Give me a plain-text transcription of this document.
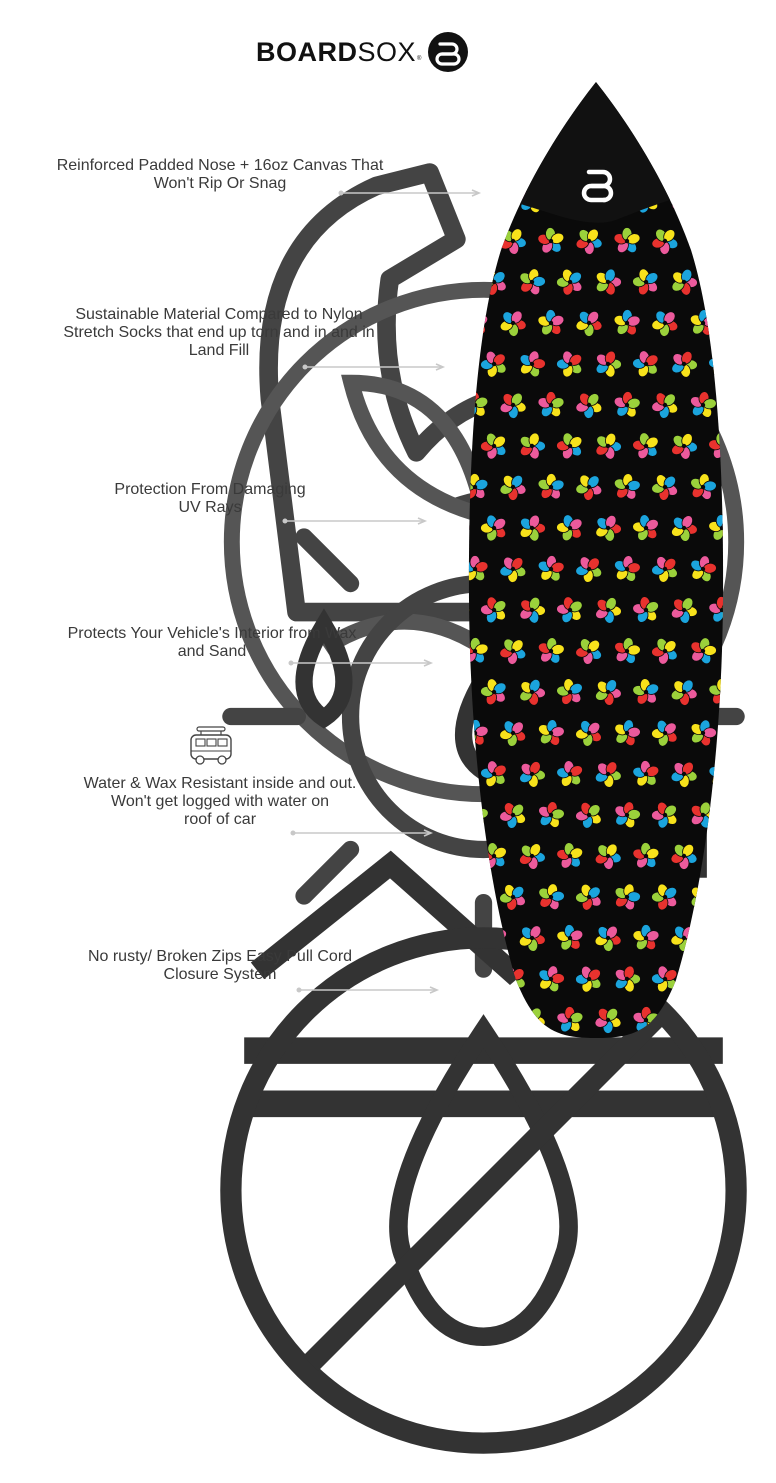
BOARD SOX ®
Reinforced Padded Nose + 16oz Canvas That
Won't Rip Or Snag
Sustainable Material Compared to Nylon
Stretch Socks that end up torn and in and in
Land Fill
Protection From Damaging
UV Rays
Protects Your Vehicle's Interior from Wax
and Sand
Water & Wax Resistant inside and out.
Won't get logged with water on
roof of car
No rusty/ Broken Zips Easy Pull Cord
Closure System
